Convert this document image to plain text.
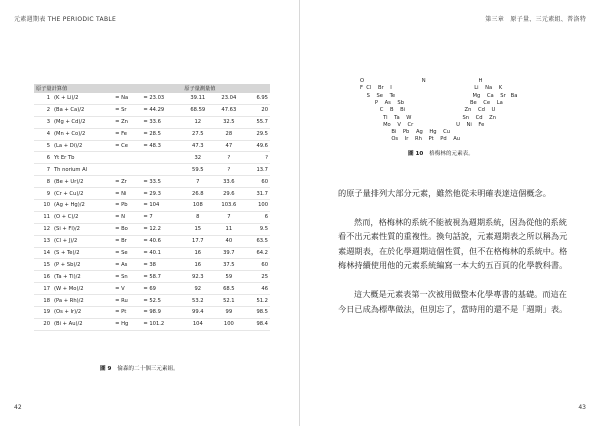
元素週期表 THE PERIODIC TABLE	第三章　原子量、三元素組、普洛特
原子量計算值				原子量測量值		
1	(K + Li)/2	= Na	= 23.03	39.11	23.04	6.95
2	(Ba + Ca)/2	= Sr	= 44.29	68.59	47.63	20
3	(Mg + Cd)/2	= Zn	= 33.6	12	32.5	55.7
4	(Mn + Co)/2	= Fe	= 28.5	27.5	28	29.5
5	(La + Di)/2	= Ce	= 48.3	47.3	47	49.6
6	Yt Er Tb			32	?	?
7	Th norium Al			59.5	?	13.7
8	(Be + Ur)/2	= Zr	= 33.5	7	33.6	60
9	(Cr + Cu)/2	= Ni	= 29.3	26.8	29.6	31.7
10	(Ag + Hg)/2	= Pb	= 104	108	103.6	100
11	(O + C)/2	= N	= 7	8	7	6
12	(Si + Fl)/2	= Bo	= 12.2	15	11	9.5
13	(Cl + J)/2	= Br	= 40.6	17.7	40	63.5
14	(S + Te)/2	= Se	= 40.1	16	39.7	64.2
15	(P + Sb)/2	= As	= 38	16	37.5	60
16	(Ta + Ti)/2	= Sn	= 58.7	92.3	59	25
17	(W + Mo)/2	= V	= 69	92	68.5	46
18	(Pa + Rh)/2	= Ru	= 52.5	53.2	52.1	51.2
19	(Os + Ir)/2	= Pt	= 98.9	99.4	99	98.5
20	(Bi + Au)/2	= Hg	= 101.2	104	100	98.4
圖 9 倫森的二十個三元素組。
O                                   N                                H
F  Cl    Br    I                                                  Li    Na    K
S    Se    Te                                               Mg    Ca    Sr   Ba
P    As    Sb                                        Be    Ce    La
C    B    Bi                                    Zn    Cd    U
Ti    Ta    W                               Sn    Cd    Zn
Mo    V    Cr                          U    Ni    Fe
Bi    Pb    Ag    Hg    Cu
Os    Ir    Rh    Pt    Pd    Au
圖 10 格梅林的元素表。

的原子量排列大部分元素，雖然他從未明確表達這個概念。

然而，格梅林的系統不能被視為週期系統，因為從他的系統看不出元素性質的重複性。換句話說，元素週期表之所以稱為元素週期表，在於化學週期這個性質，但不在格梅林的系統中。格梅林持續使用他的元素系統編寫一本大約五百頁的化學教科書。

這大概是元素表第一次被用做整本化學專書的基礎。而這在今日已成為標準做法，但別忘了，當時用的還不是「週期」表。

42	43
